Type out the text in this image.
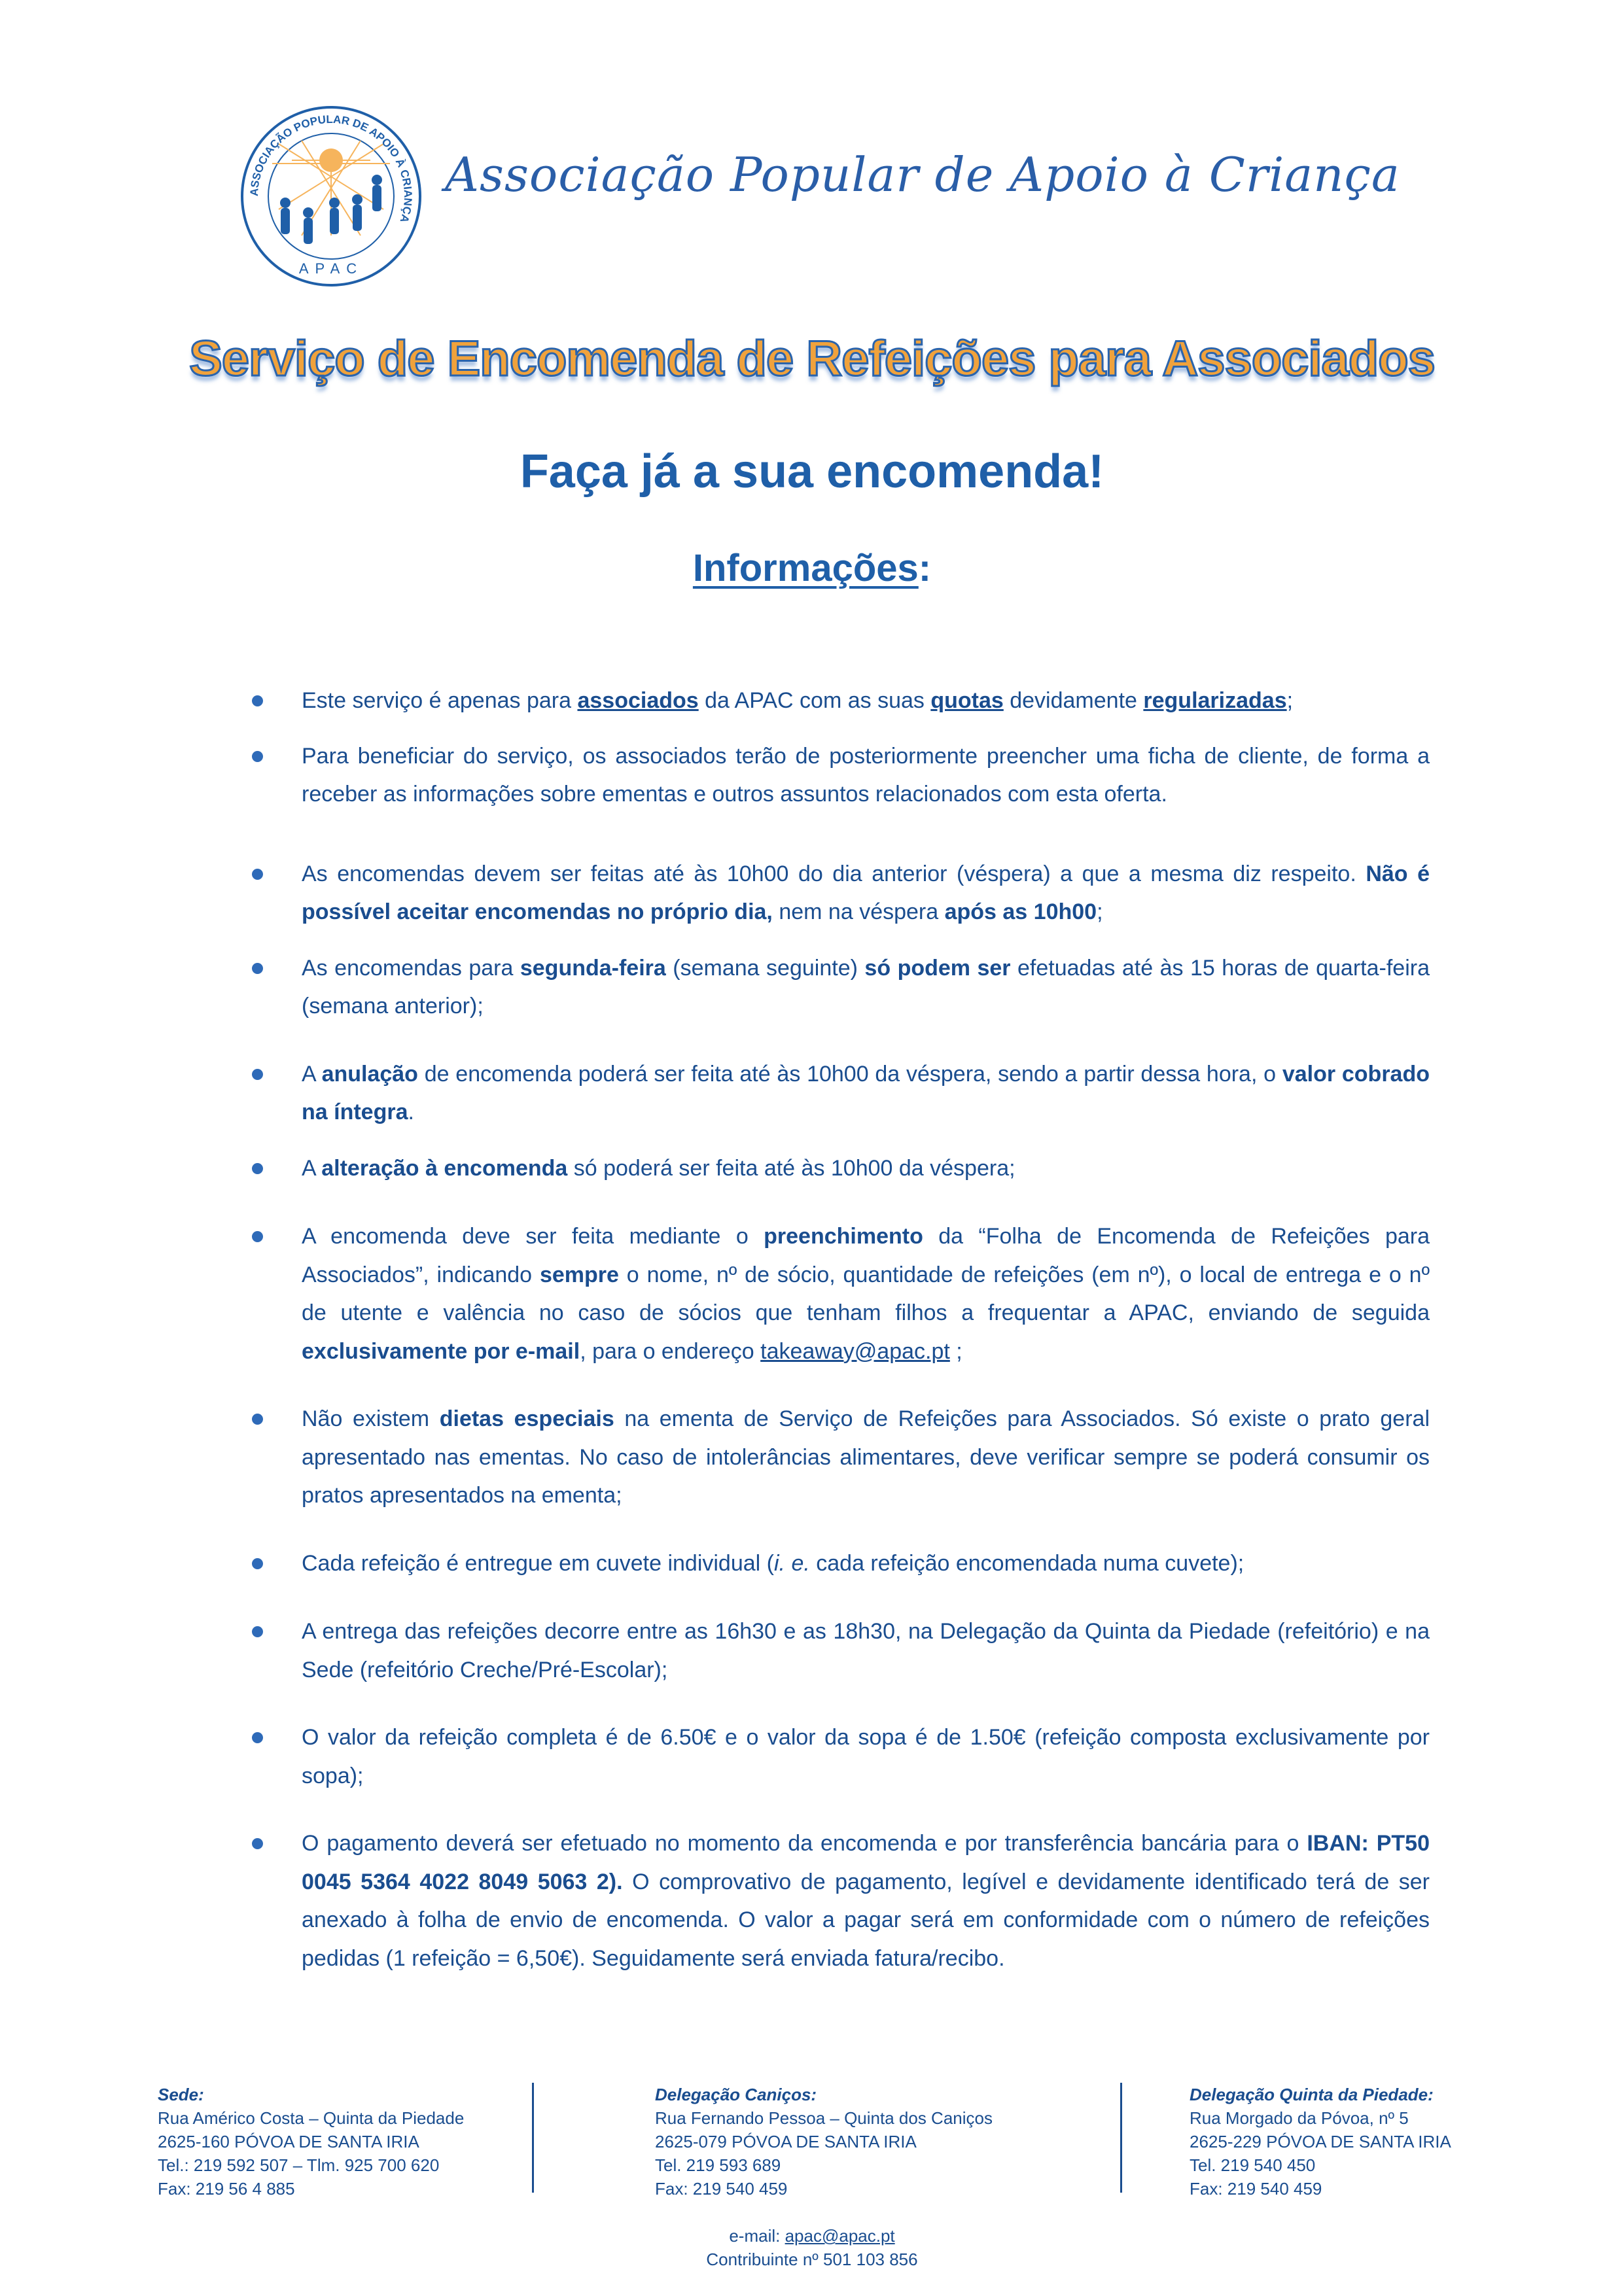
ASSOCIAÇÃO POPULAR DE APOIO À CRIANÇA
APAC
Associação Popular de Apoio à Criança
Serviço de Encomenda de Refeições para Associados
Faça já a sua encomenda!
Informações:
Este serviço é apenas para associados da APAC com as suas quotas devidamente regularizadas;
Para beneficiar do serviço, os associados terão de posteriormente preencher uma ficha de cliente, de forma a receber as informações sobre ementas e outros assuntos relacionados com esta oferta.
As encomendas devem ser feitas até às 10h00 do dia anterior (véspera) a que a mesma diz respeito. Não é possível aceitar encomendas no próprio dia, nem na véspera após as 10h00;
As encomendas para segunda-feira (semana seguinte) só podem ser efetuadas até às 15 horas de quarta-feira (semana anterior);
A anulação de encomenda poderá ser feita até às 10h00 da véspera, sendo a partir dessa hora, o valor cobrado na íntegra.
A alteração à encomenda só poderá ser feita até às 10h00 da véspera;
A encomenda deve ser feita mediante o preenchimento da “Folha de Encomenda de Refeições para Associados”, indicando sempre o nome, nº de sócio, quantidade de refeições (em nº), o local de entrega e o nº de utente e valência no caso de sócios que tenham filhos a frequentar a APAC, enviando de seguida exclusivamente por e-mail, para o endereço takeaway@apac.pt ;
Não existem dietas especiais na ementa de Serviço de Refeições para Associados. Só existe o prato geral apresentado nas ementas. No caso de intolerâncias alimentares, deve verificar sempre se poderá consumir os pratos apresentados na ementa;
Cada refeição é entregue em cuvete individual (i. e. cada refeição encomendada numa cuvete);
A entrega das refeições decorre entre as 16h30 e as 18h30, na Delegação da Quinta da Piedade (refeitório) e na Sede (refeitório Creche/Pré-Escolar);
O valor da refeição completa é de 6.50€ e o valor da sopa é de 1.50€ (refeição composta exclusivamente por sopa);
O pagamento deverá ser efetuado no momento da encomenda e por transferência bancária para o IBAN: PT50 0045 5364 4022 8049 5063 2). O comprovativo de pagamento, legível e devidamente identificado terá de ser anexado à folha de envio de encomenda. O valor a pagar será em conformidade com o número de refeições pedidas (1 refeição = 6,50€). Seguidamente será enviada fatura/recibo.
Sede:
Rua Américo Costa – Quinta da Piedade
2625-160 PÓVOA DE SANTA IRIA
Tel.: 219 592 507 – Tlm. 925 700 620
Fax: 219 56 4 885
Delegação Caniços:
Rua Fernando Pessoa – Quinta dos Caniços
2625-079 PÓVOA DE SANTA IRIA
Tel. 219 593 689
Fax: 219 540 459
Delegação Quinta da Piedade:
Rua Morgado da Póvoa, nº 5
2625-229 PÓVOA DE SANTA IRIA
Tel. 219 540 450
Fax: 219 540 459
e-mail: apac@apac.pt
Contribuinte nº 501 103 856
